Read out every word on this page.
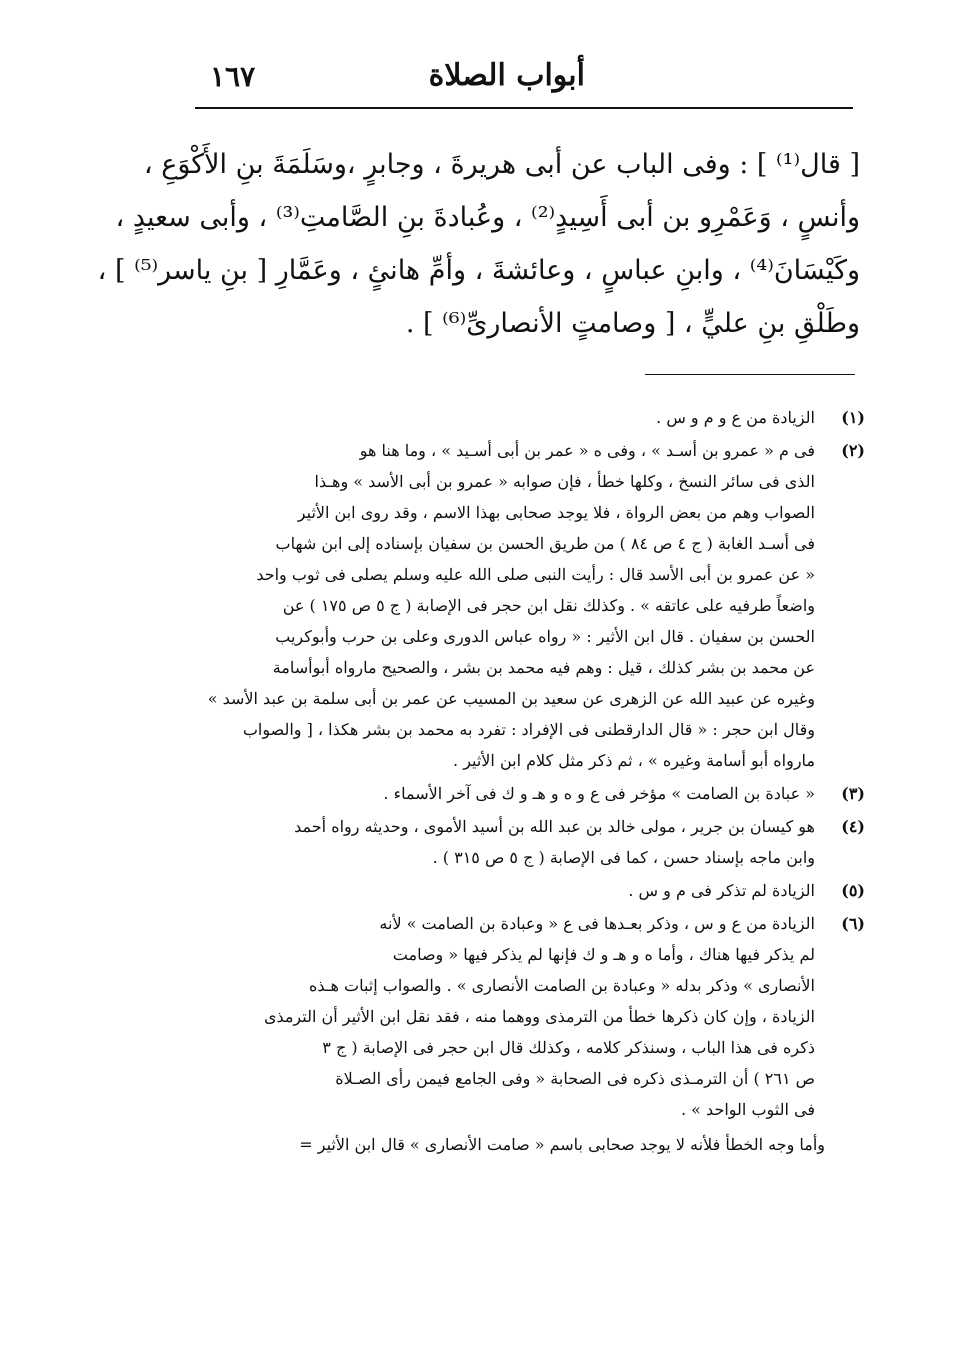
أبواب الصلاة
١٦٧
[ قال⁽¹⁾ ] : وفى الباب عن أبى هريرةَ ، وجابرٍ ،وسَلَمَةَ بنِ الأَكْوَعِ ،
وأنسٍ ، وَعَمْرِو بن أبى أَسِيدٍ⁽²⁾ ، وعُبادةَ بنِ الصَّامتِ⁽³⁾ ، وأبى سعيدٍ ،
وكَيْسَانَ⁽⁴⁾ ، وابنِ عباسٍ ، وعائشةَ ، وأمِّ هانئٍ ، وعَمَّارِ [ بنِ ياسر⁽⁵⁾ ] ،
وطَلْقِ بنِ عليٍّ ، [ وصامتٍ الأنصارىِّ⁽⁶⁾ ] .
(١)
الزيادة من ع و م و س .
(٢)
فى م « عمرو بن أسـد » ، وفى ه « عمر بن أبى أسـيد » ، وما هنا هو
الذى فى سائر النسخ ، وكلها خطأ ، فإن صوابه « عمرو بن أبى الأسد » وهـذا
الصواب وهم من بعض الرواة ، فلا يوجد صحابى بهذا الاسم ، وقد روى ابن الأثير
فى أسـد الغابة ( ج ٤ ص ٨٤ ) من طريق الحسن بن سفيان بإسناده إلى ابن شهاب
« عن عمرو بن أبى الأسد قال : رأيت النبى صلى الله عليه وسلم يصلى فى ثوب واحد
واضعاً طرفيه على عاتقه » . وكذلك نقل ابن حجر فى الإصابة ( ج ٥ ص ١٧٥ ) عن
الحسن بن سفيان . قال ابن الأثير : « رواه عباس الدورى وعلى بن حرب وأبوكريب
عن محمد بن بشر كذلك ، قيل : وهم فيه محمد بن بشر ، والصحيح مارواه أبوأسامة
وغيره عن عبيد الله عن الزهرى عن سعيد بن المسيب عن عمر بن أبى سلمة بن عبد الأسد »
وقال ابن حجر : « قال الدارقطنى فى الإفراد : تفرد به محمد بن بشر هكذا ، [ والصواب
مارواه أبو أسامة وغيره » ، ثم ذكر مثل كلام ابن الأثير .
(٣)
« عبادة بن الصامت » مؤخر فى ع و ه و هـ و ك فى آخر الأسماء .
(٤)
هو كيسان بن جرير ، مولى خالد بن عبد الله بن أسيد الأموى ، وحديثه رواه أحمد
وابن ماجه بإسناد حسن ، كما فى الإصابة ( ج ٥ ص ٣١٥ ) .
(٥)
الزيادة لم تذكر فى م و س .
(٦)
الزيادة من ع و س ، وذكر بعـدها فى ع « وعبادة بن الصامت » لأنه
لم يذكر فيها هناك ، وأما ه و هـ و ك فإنها لم يذكر فيها « وصامت
الأنصارى » وذكر بدله « وعبادة بن الصامت الأنصارى » . والصواب إثبات هـذه
الزيادة ، وإن كان ذكرها خطأ من الترمذى ووهما منه ، فقد نقل ابن الأثير أن الترمذى
ذكره فى هذا الباب ، وسنذكر كلامه ، وكذلك قال ابن حجر فى الإصابة ( ج ٣
ص ٢٦١ ) أن الترمـذى ذكره فى الصحابة « وفى الجامع فيمن رأى الصـلاة
فى الثوب الواحد » .
وأما وجه الخطأ فلأنه لا يوجد صحابى باسم « صامت الأنصارى » قال ابن الأثير =
